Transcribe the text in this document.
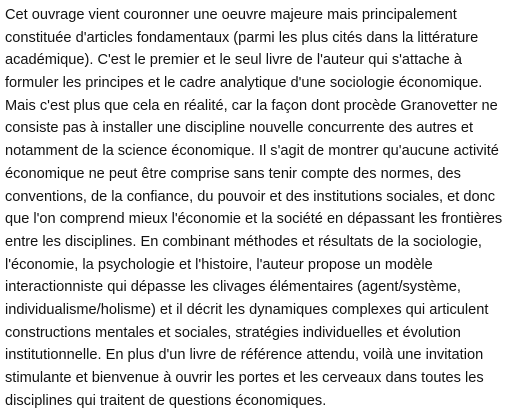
Cet ouvrage vient couronner une oeuvre majeure mais principalement
constituée d'articles fondamentaux (parmi les plus cités dans la littérature
académique). C'est le premier et le seul livre de l'auteur qui s'attache à
formuler les principes et le cadre analytique d'une sociologie économique.
Mais c'est plus que cela en réalité, car la façon dont procède Granovetter ne
consiste pas à installer une discipline nouvelle concurrente des autres et
notamment de la science économique. Il s'agit de montrer qu'aucune activité
économique ne peut être comprise sans tenir compte des normes, des
conventions, de la confiance, du pouvoir et des institutions sociales, et donc
que l'on comprend mieux l'économie et la société en dépassant les frontières
entre les disciplines. En combinant méthodes et résultats de la sociologie,
l'économie, la psychologie et l'histoire, l'auteur propose un modèle
interactionniste qui dépasse les clivages élémentaires (agent/système,
individualisme/holisme) et il décrit les dynamiques complexes qui articulent
constructions mentales et sociales, stratégies individuelles et évolution
institutionnelle. En plus d'un livre de référence attendu, voilà une invitation
stimulante et bienvenue à ouvrir les portes et les cerveaux dans toutes les
disciplines qui traitent de questions économiques.
